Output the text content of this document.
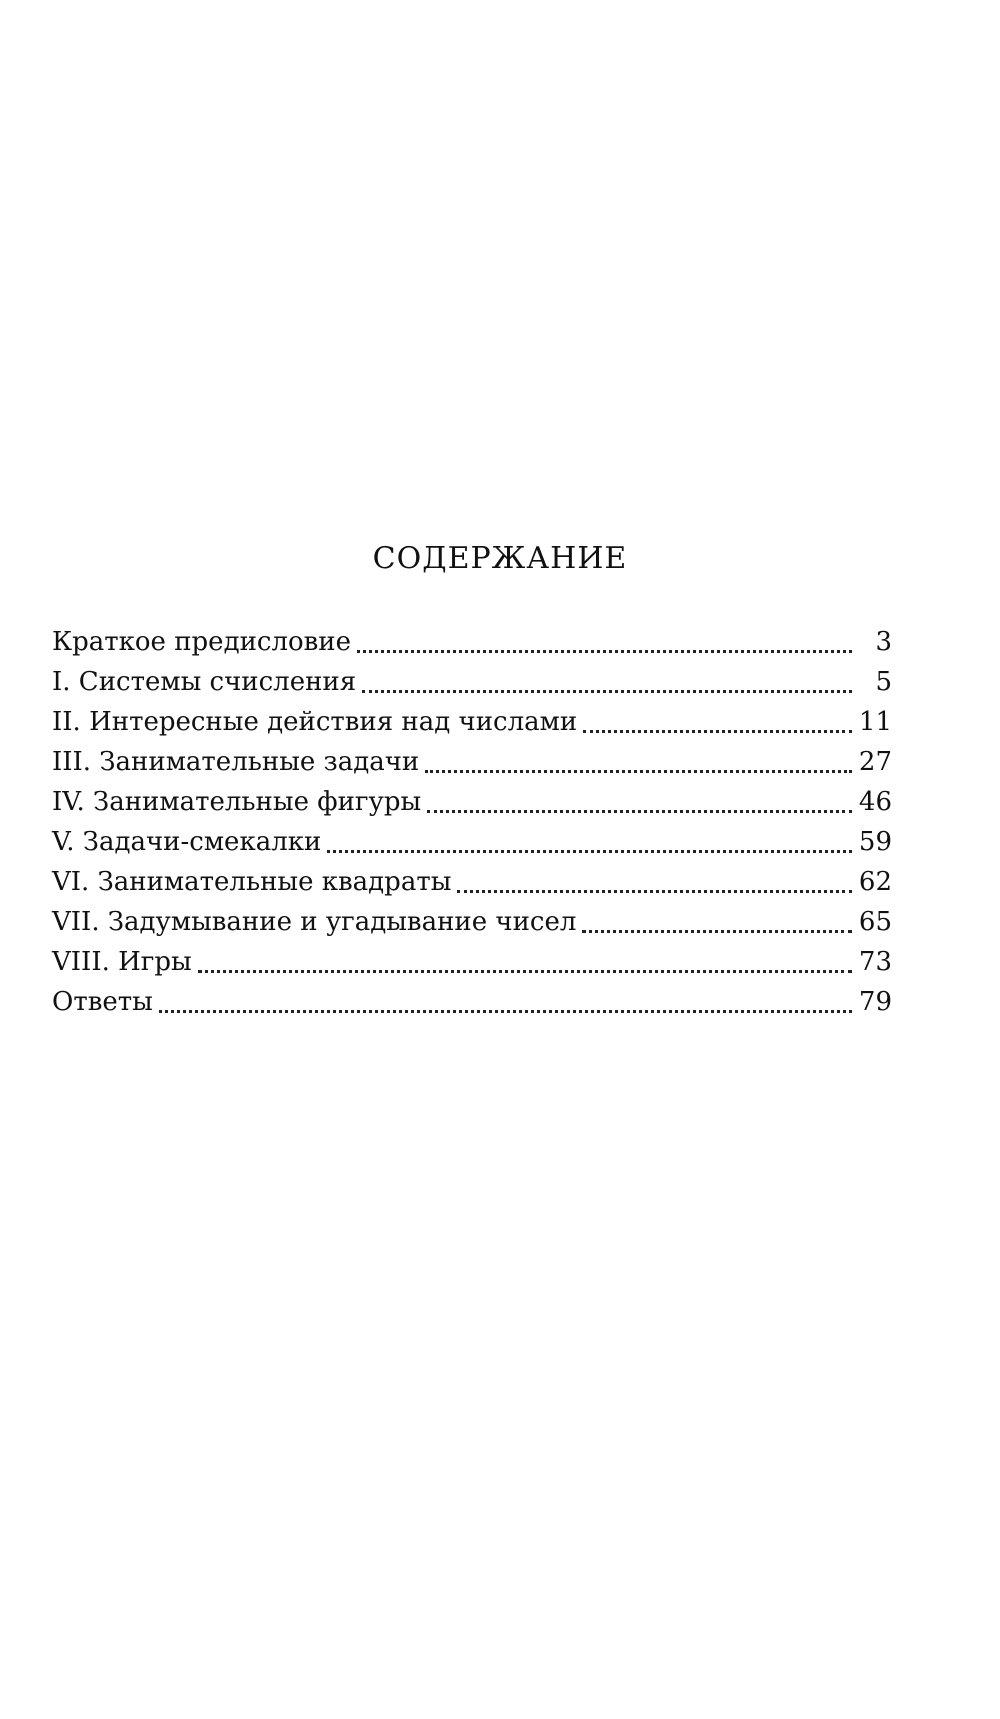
СОДЕРЖАНИЕ
Краткое предисловие	3
I. Системы счисления	5
II. Интересные действия над числами	11
III. Занимательные задачи	27
IV. Занимательные фигуры	46
V. Задачи-смекалки	59
VI. Занимательные квадраты	62
VII. Задумывание и угадывание чисел	65
VIII. Игры	73
Ответы	79
